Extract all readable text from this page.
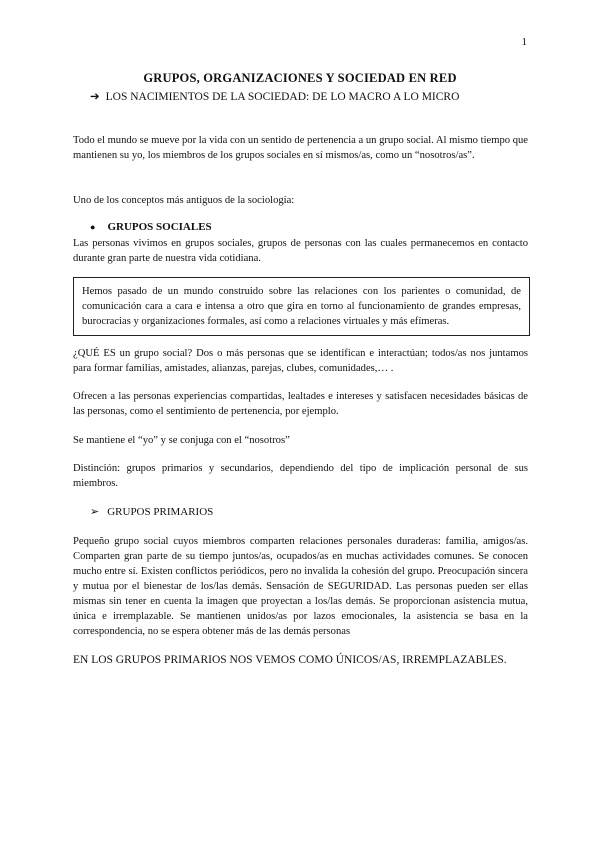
1
GRUPOS, ORGANIZACIONES Y SOCIEDAD EN RED
➔ LOS NACIMIENTOS DE LA SOCIEDAD: DE LO MACRO A LO MICRO

Todo el mundo se mueve por la vida con un sentido de pertenencia a un grupo social. Al mismo tiempo que mantienen su yo, los miembros de los grupos sociales en sí mismos/as, como un “nosotros/as”.

Uno de los conceptos más antiguos de la sociología:

● GRUPOS SOCIALES

Las personas vivimos en grupos sociales, grupos de personas con las cuales permanecemos en contacto durante gran parte de nuestra vida cotidiana.

Hemos pasado de un mundo construido sobre las relaciones con los parientes o comunidad, de comunicación cara a cara e intensa a otro que gira en torno al funcionamiento de grandes empresas, burocracias y organizaciones formales, así como a relaciones virtuales y más efímeras.

¿QUÉ ES un grupo social? Dos o más personas que se identifican e interactúan; todos/as nos juntamos para formar familias, amistades, alianzas, parejas, clubes, comunidades,… .

Ofrecen a las personas experiencias compartidas, lealtades e intereses y satisfacen necesidades básicas de las personas, como el sentimiento de pertenencia, por ejemplo.

Se mantiene el “yo” y se conjuga con el “nosotros”

Distinción: grupos primarios y secundarios, dependiendo del tipo de implicación personal de sus miembros.

➢ GRUPOS PRIMARIOS

Pequeño grupo social cuyos miembros comparten relaciones personales duraderas: familia, amigos/as. Comparten gran parte de su tiempo juntos/as, ocupados/as en muchas actividades comunes. Se conocen mucho entre sí. Existen conflictos periódicos, pero no invalida la cohesión del grupo. Preocupación sincera y mutua por el bienestar de los/las demás. Sensación de SEGURIDAD. Las personas pueden ser ellas mismas sin tener en cuenta la imagen que proyectan a los/las demás. Se proporcionan asistencia mutua, única e irremplazable. Se mantienen unidos/as por lazos emocionales, la asistencia se basa en la correspondencia, no se espera obtener más de las demás personas

EN LOS GRUPOS PRIMARIOS NOS VEMOS COMO ÚNICOS/AS, IRREMPLAZABLES.
